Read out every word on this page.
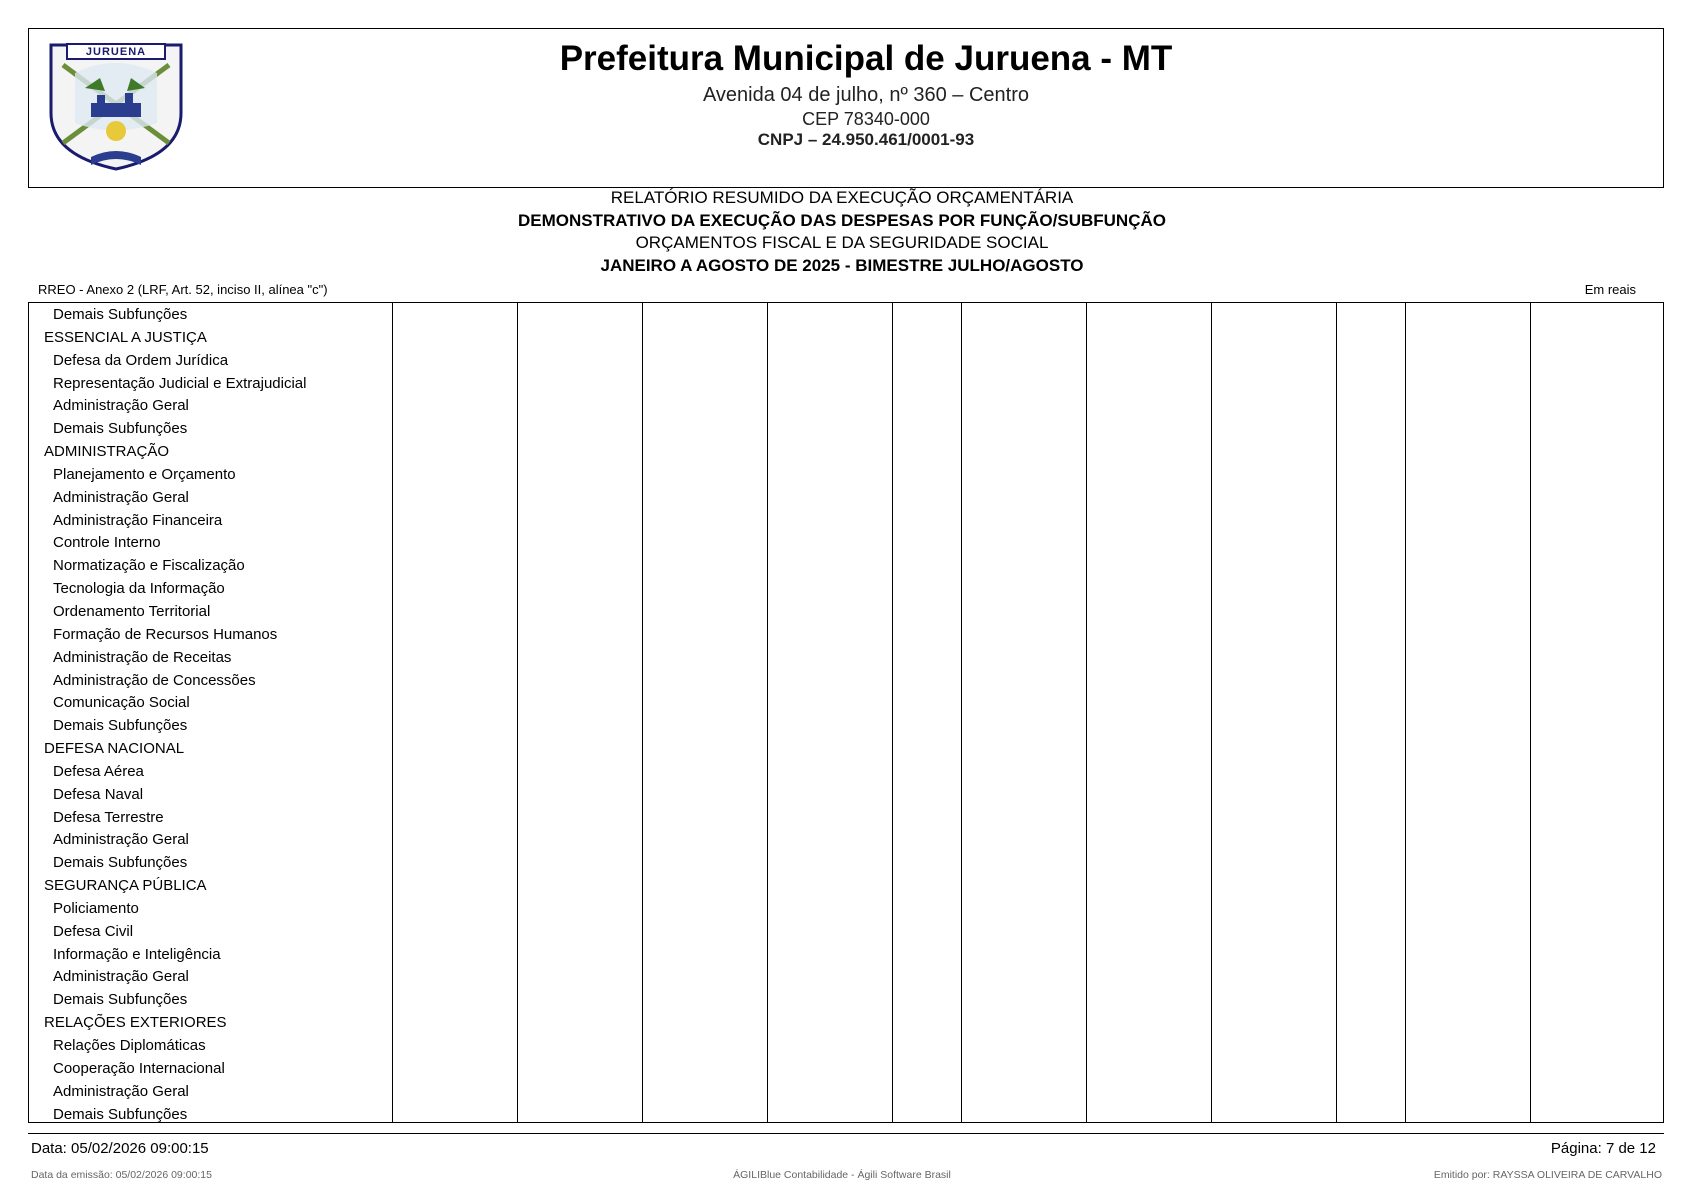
JURUENA	Prefeitura Municipal de Juruena - MT
Avenida 04 de julho, nº 360 – Centro
CEP 78340-000
CNPJ – 24.950.461/0001-93
RELATÓRIO RESUMIDO DA EXECUÇÃO ORÇAMENTÁRIA
DEMONSTRATIVO DA EXECUÇÃO DAS DESPESAS POR FUNÇÃO/SUBFUNÇÃO
ORÇAMENTOS FISCAL E DA SEGURIDADE SOCIAL
JANEIRO A AGOSTO DE 2025 - BIMESTRE JULHO/AGOSTO
RREO - Anexo 2 (LRF, Art. 52, inciso II, alínea "c")	Em reais
Demais Subfunções
ESSENCIAL A JUSTIÇA
Defesa da Ordem Jurídica
Representação Judicial e Extrajudicial
Administração Geral
Demais Subfunções
ADMINISTRAÇÃO
Planejamento e Orçamento
Administração Geral
Administração Financeira
Controle Interno
Normatização e Fiscalização
Tecnologia da Informação
Ordenamento Territorial
Formação de Recursos Humanos
Administração de Receitas
Administração de Concessões
Comunicação Social
Demais Subfunções
DEFESA NACIONAL
Defesa Aérea
Defesa Naval
Defesa Terrestre
Administração Geral
Demais Subfunções
SEGURANÇA PÚBLICA
Policiamento
Defesa Civil
Informação e Inteligência
Administração Geral
Demais Subfunções
RELAÇÕES EXTERIORES
Relações Diplomáticas
Cooperação Internacional
Administração Geral
Demais Subfunções
Data: 05/02/2026 09:00:15	Página: 7 de 12
Data da emissão: 05/02/2026 09:00:15	ÁGILIBlue Contabilidade - Ágili Software Brasil	Emitido por: RAYSSA OLIVEIRA DE CARVALHO
